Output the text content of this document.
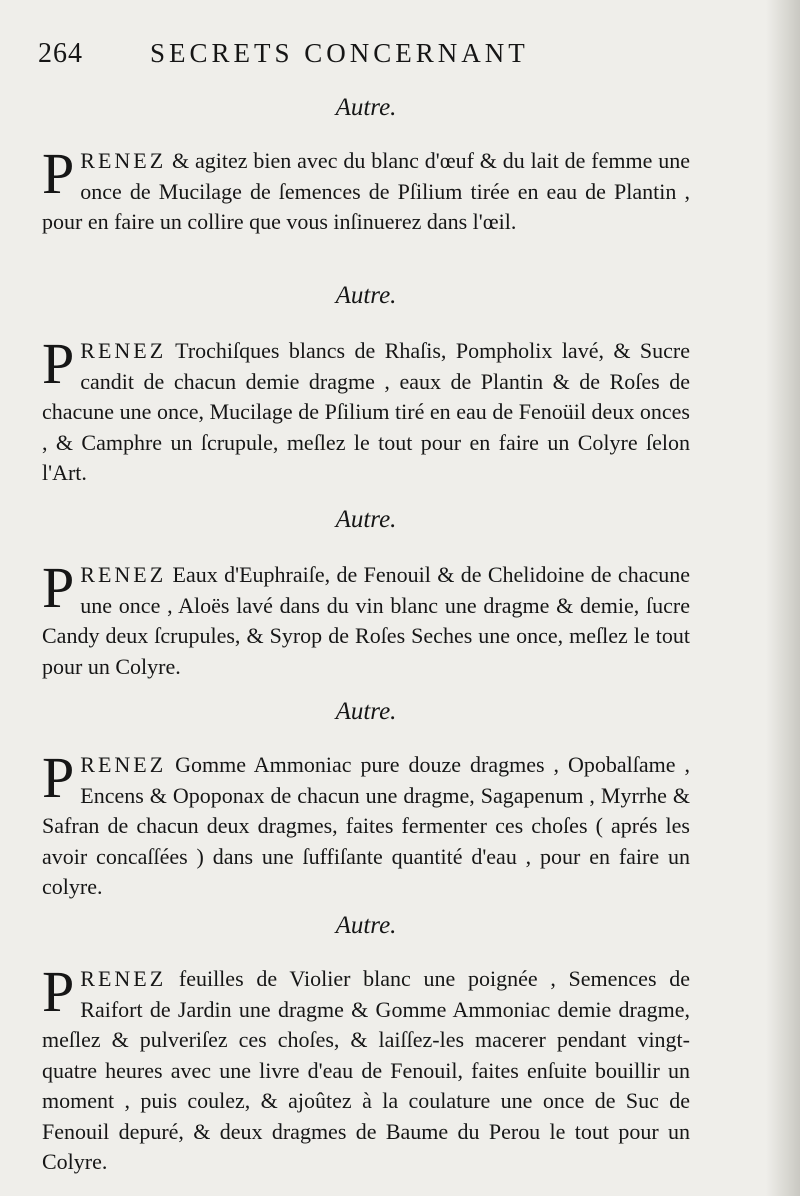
264 SECRETS CONCERNANT
Autre.

PRENEZ & agitez bien avec du blanc d'œuf & du lait de femme une once de Mucilage de ſemences de Pſilium tirée en eau de Plantin , pour en faire un collire que vous inſinuerez dans l'œil.

Autre.

PRENEZ Trochiſques blancs de Rhaſis, Pompholix lavé, & Sucre candit de chacun demie dragme , eaux de Plantin & de Roſes de chacune une once, Mucilage de Pſilium tiré en eau de Fenoüil deux onces , & Camphre un ſcrupule, meſlez le tout pour en faire un Colyre ſelon l'Art.

Autre.

PRENEZ Eaux d'Euphraiſe, de Fenouil & de Chelidoine de chacune une once , Aloës lavé dans du vin blanc une dragme & demie, ſucre Candy deux ſcrupules, & Syrop de Roſes Seches une once, meſlez le tout pour un Colyre.

Autre.

PRENEZ Gomme Ammoniac pure douze dragmes , Opobalſame , Encens & Opoponax de chacun une dragme, Sagapenum , Myrrhe & Safran de chacun deux dragmes, faites fermenter ces choſes ( aprés les avoir concaſſées ) dans une ſuffiſante quantité d'eau , pour en faire un colyre.

Autre.

PRENEZ feuilles de Violier blanc une poignée , Semences de Raifort de Jardin une dragme & Gomme Ammoniac demie dragme, meſlez & pulveriſez ces choſes, & laiſſez-les macerer pendant vingt-quatre heures avec une livre d'eau de Fenouil, faites enſuite bouillir un moment , puis coulez, & ajoûtez à la coulature une once de Suc de Fenouil depuré, & deux dragmes de Baume du Perou le tout pour un Colyre.
